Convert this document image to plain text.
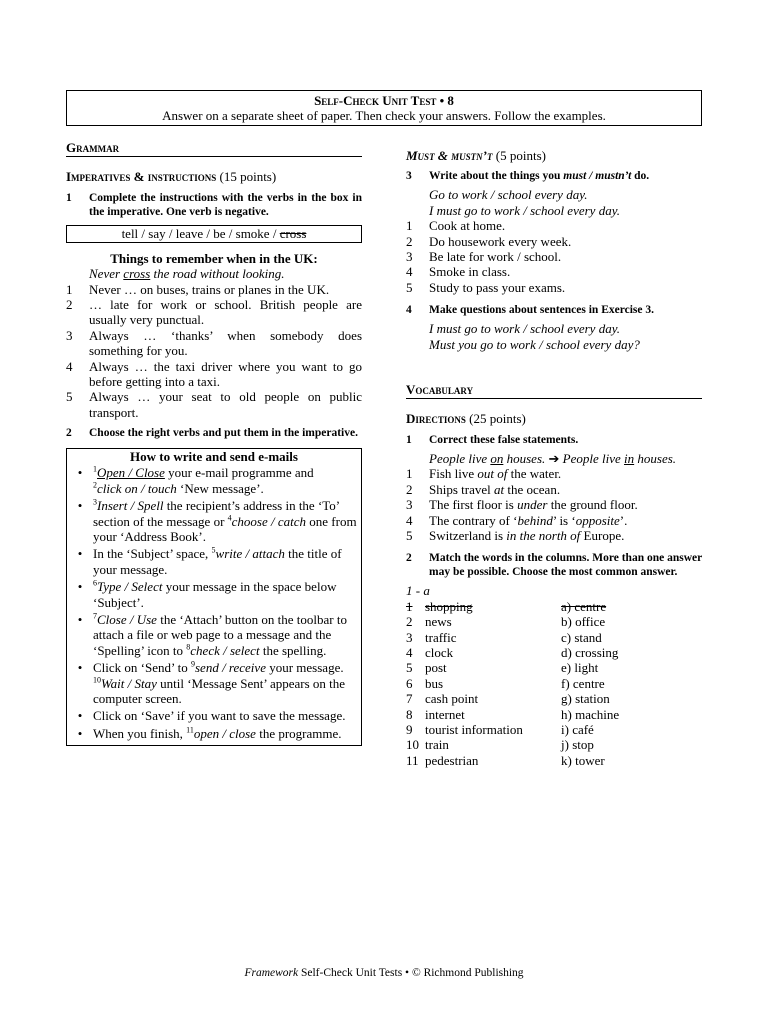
Self-Check Unit Test • 8
Answer on a separate sheet of paper. Then check your answers. Follow the examples.
Grammar
Imperatives & instructions (15 points)
1	Complete the instructions with the verbs in the box in the imperative. One verb is negative.
tell / say / leave / be / smoke / cross
Things to remember when in the UK:
Never cross the road without looking.
1	Never … on buses, trains or planes in the UK.
2	… late for work or school. British people are usually very punctual.
3	Always … ‘thanks’ when somebody does something for you.
4	Always … the taxi driver where you want to go before getting into a taxi.
5	Always … your seat to old people on public transport.
2	Choose the right verbs and put them in the imperative.
How to write and send e-mails
•	$^1$Open / Close your e-mail programme and
$^2$click on / touch ‘New message’.
•	$^3$Insert / Spell the recipient’s address in the ‘To’ section of the message or $^4$choose / catch one from your ‘Address Book’.
• In the ‘Subject’ space, $^5$write / attach the title of your message.
•	$^6$Type / Select your message in the space below ‘Subject’.
•	$^7$Close / Use the ‘Attach’ button on the toolbar to attach a file or web page to a message and the ‘Spelling’ icon to $^8$check / select the spelling.
• Click on ‘Send’ to $^9$send / receive your message. $^{10}$Wait / Stay until ‘Message Sent’ appears on the computer screen.
• Click on ‘Save’ if you want to save the message.
• When you finish, $^{11}$open / close the programme.
Must & mustn’t (5 points)
3	Write about the things you must / mustn’t do.
Go to work / school every day.
I must go to work / school every day.
1	Cook at home.
2	Do housework every week.
3	Be late for work / school.
4	Smoke in class.
5	Study to pass your exams.
4	Make questions about sentences in Exercise 3.
I must go to work / school every day.
Must you go to work / school every day?
Vocabulary
Directions (25 points)
1	Correct these false statements.
People live on houses. ➔ People live in houses.
1	Fish live out of the water.
2	Ships travel at the ocean.
3	The first floor is under the ground floor.
4	The contrary of ‘behind’ is ‘opposite’.
5	Switzerland is in the north of Europe.
2	Match the words in the columns. More than one answer may be possible. Choose the most common answer.
1 - a
1 shopping	a) centre
2 news	b) office
3 traffic	c) stand
4 clock	d) crossing
5 post	e) light
6 bus	f) centre
7 cash point	g) station
8 internet	h) machine
9 tourist information	i) café
10 train	j) stop
11 pedestrian	k) tower
Framework Self-Check Unit Tests • © Richmond Publishing
